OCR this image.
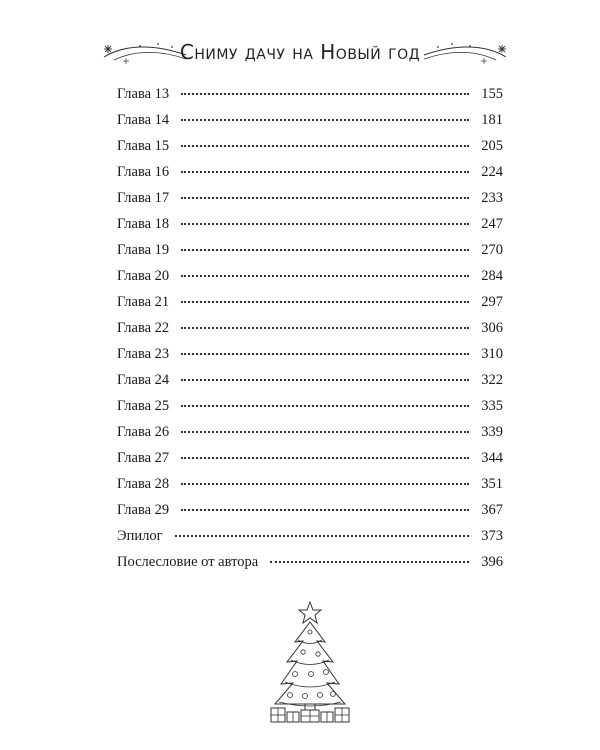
Сниму дачу на Новый год
Глава 13	155
Глава 14	181
Глава 15	205
Глава 16	224
Глава 17	233
Глава 18	247
Глава 19	270
Глава 20	284
Глава 21	297
Глава 22	306
Глава 23	310
Глава 24	322
Глава 25	335
Глава 26	339
Глава 27	344
Глава 28	351
Глава 29	367
Эпилог	373
Послесловие от автора	396
